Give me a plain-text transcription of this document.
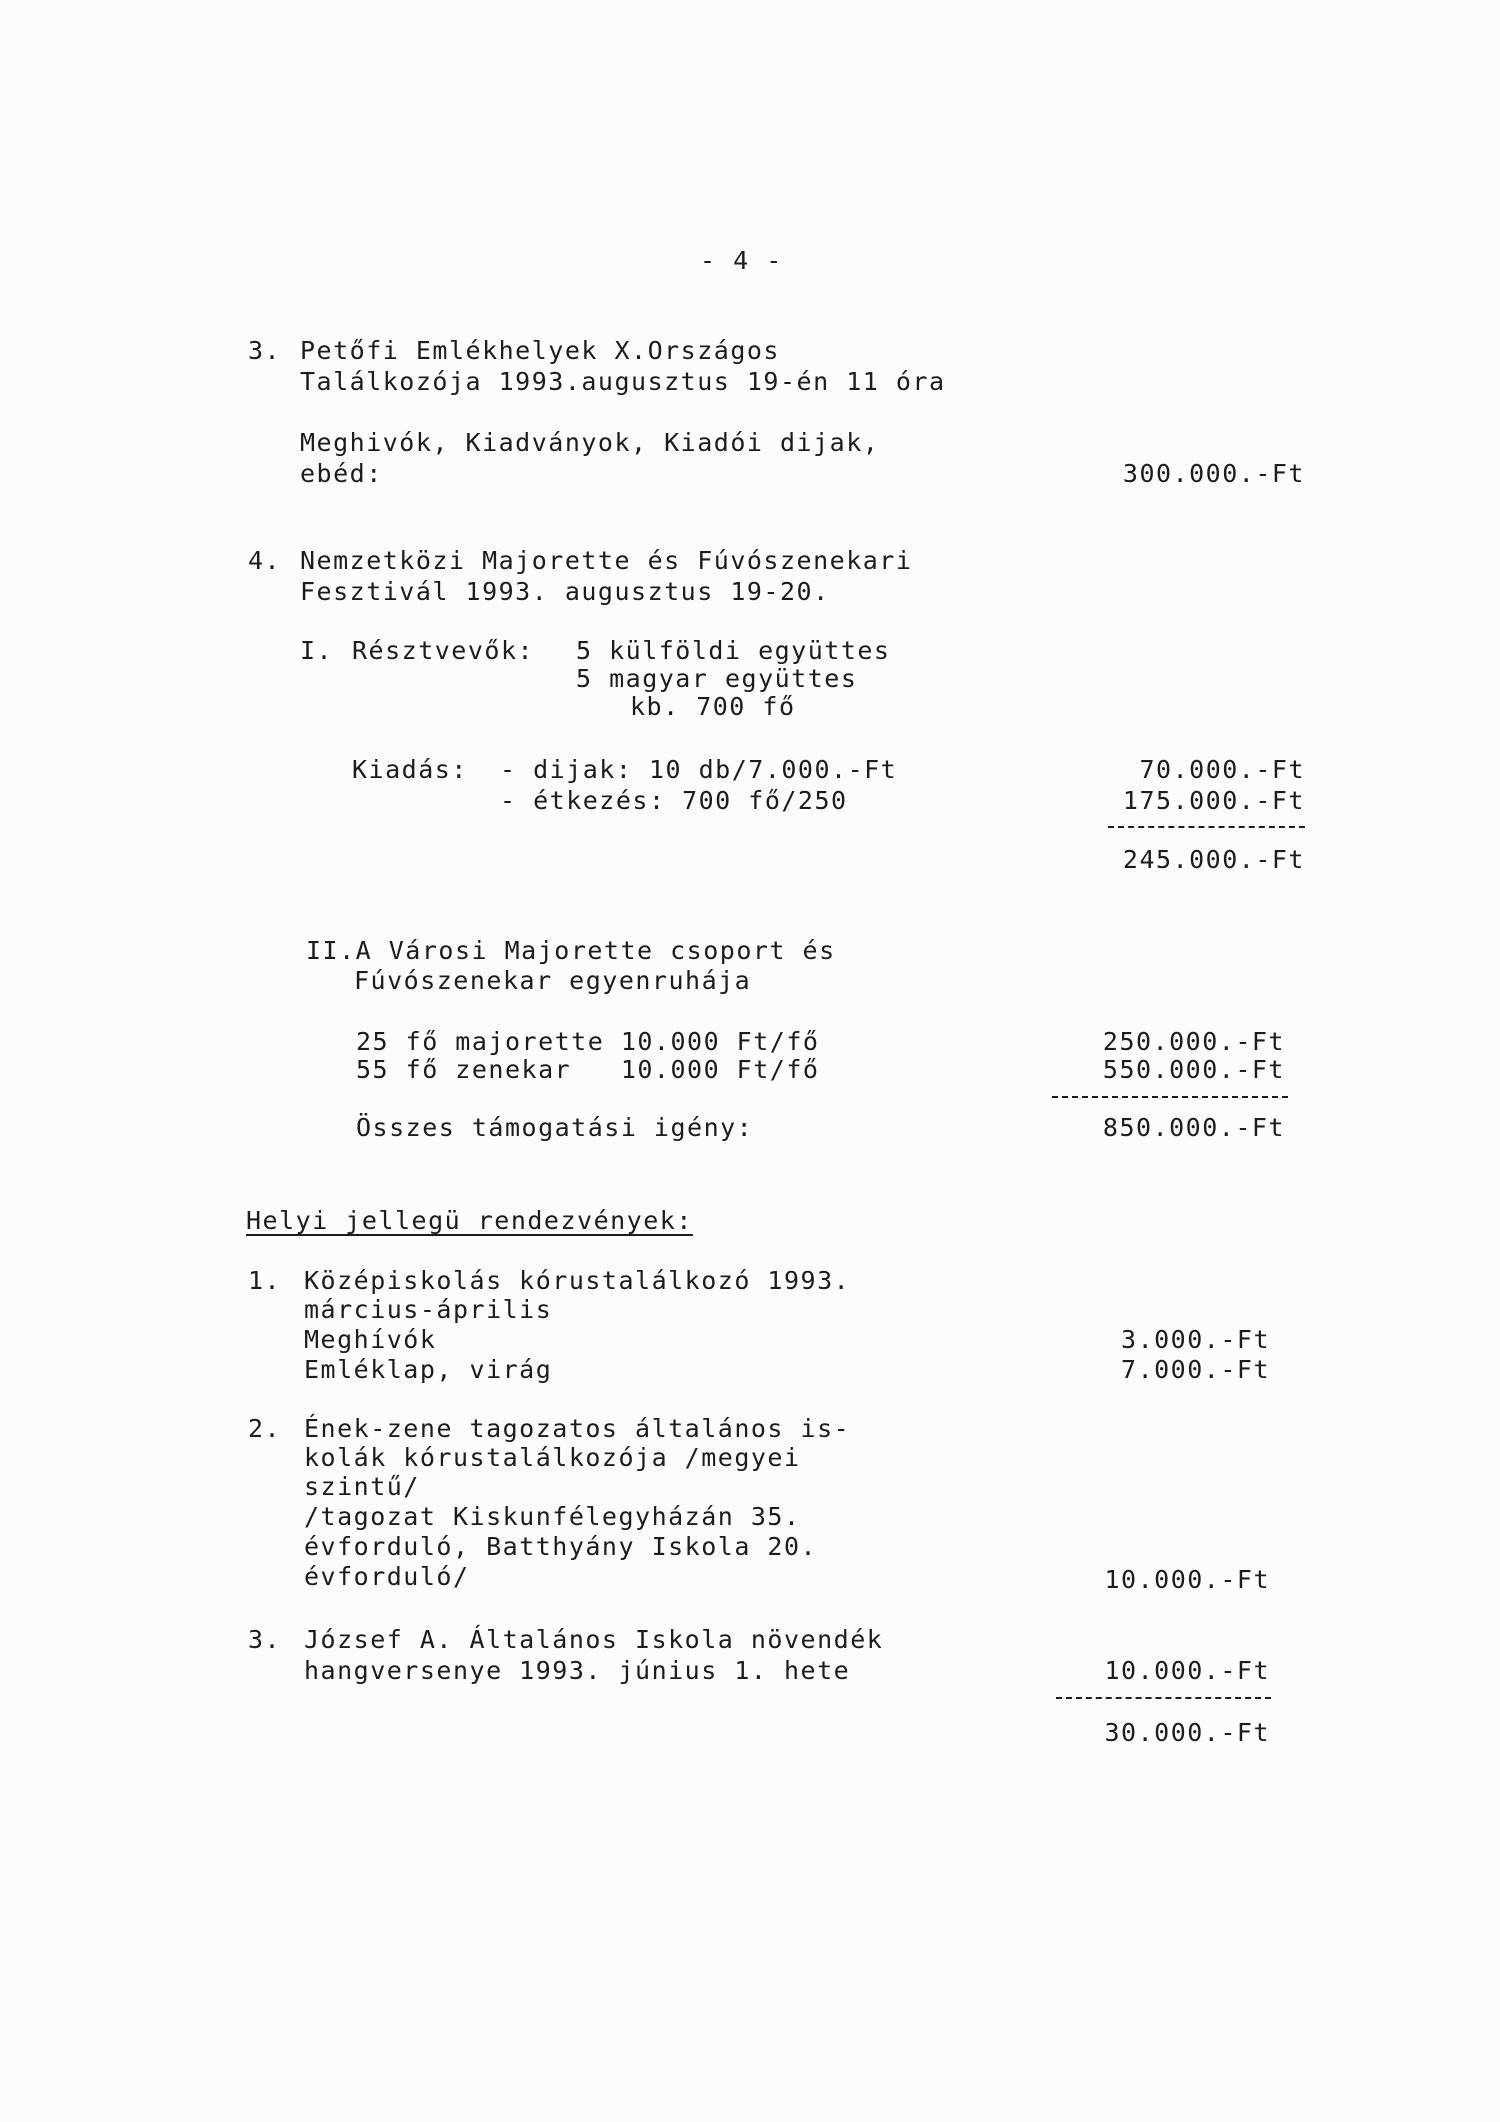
- 4 -
3. Petőfi Emlékhelyek X.Országos
Találkozója 1993.augusztus 19-én 11 óra
Meghivók, Kiadványok, Kiadói dijak,
ebéd:	300.000.-Ft
4. Nemzetközi Majorette és Fúvószenekari
Fesztivál 1993. augusztus 19-20.
I. Résztvevők: 5 külföldi együttes
5 magyar együttes
kb. 700 fő
Kiadás: - dijak: 10 db/7.000.-Ft	70.000.-Ft
- étkezés: 700 fő/250	175.000.-Ft
245.000.-Ft
II.A Városi Majorette csoport és
Fúvószenekar egyenruhája
25 fő majorette 10.000 Ft/fő	250.000.-Ft
55 fő zenekar   10.000 Ft/fő	550.000.-Ft
Összes támogatási igény:	850.000.-Ft
Helyi jellegü rendezvények:
1. Középiskolás kórustalálkozó 1993.
március-április
Meghívók	3.000.-Ft
Emléklap, virág	7.000.-Ft
2. Ének-zene tagozatos általános is-
kolák kórustalálkozója /megyei
szintű/
/tagozat Kiskunfélegyházán 35.
évforduló, Batthyány Iskola 20.
évforduló/	10.000.-Ft
3. József A. Általános Iskola növendék
hangversenye 1993. június 1. hete	10.000.-Ft
30.000.-Ft
